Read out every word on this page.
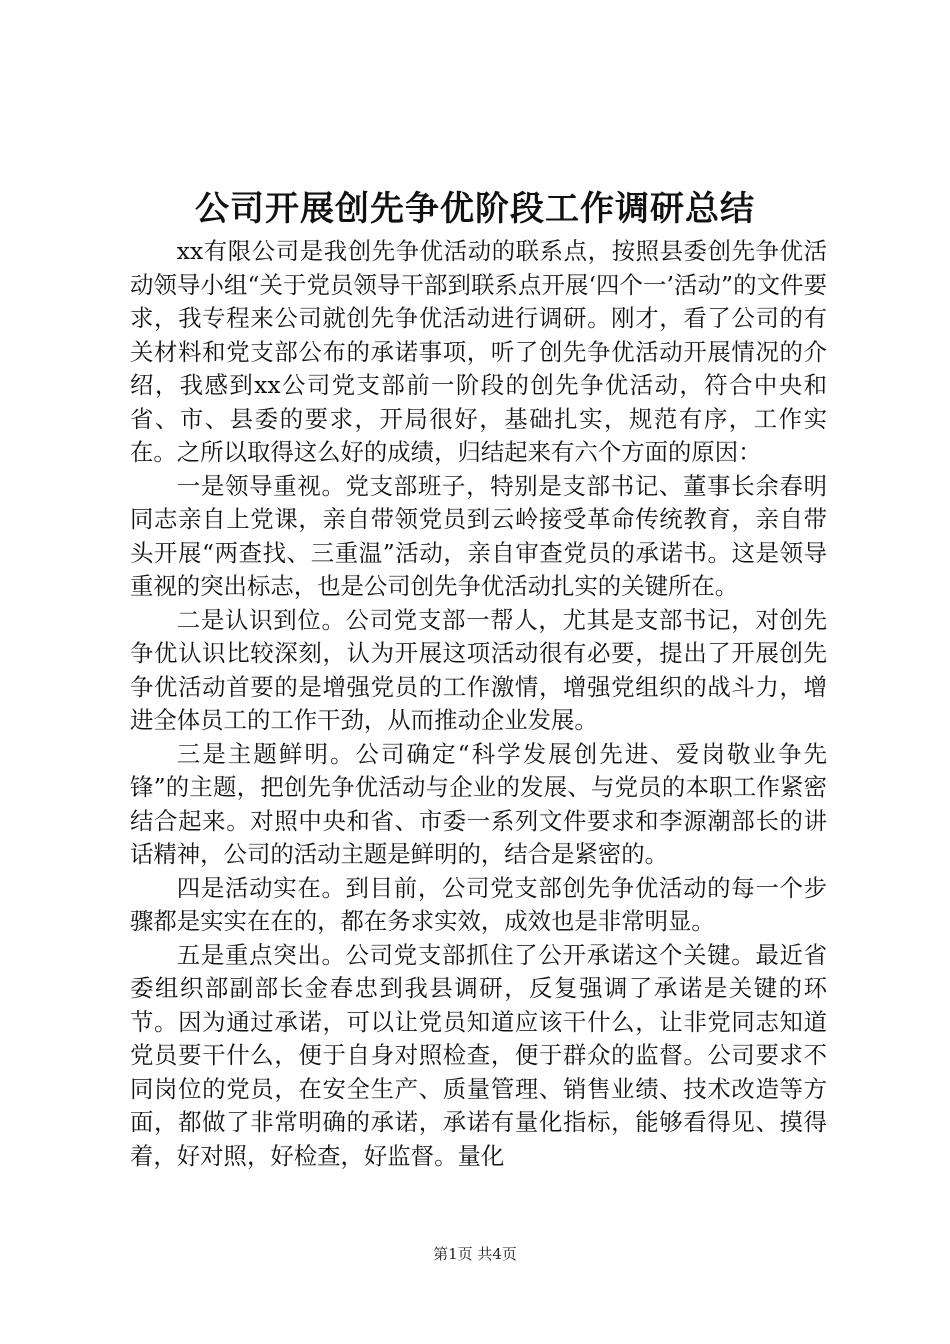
公司开展创先争优阶段工作调研总结

xx有限公司是我创先争优活动的联系点，按照县委创先争优活动领导小组“关于党员领导干部到联系点开展‘四个一’活动”的文件要求，我专程来公司就创先争优活动进行调研。刚才，看了公司的有关材料和党支部公布的承诺事项，听了创先争优活动开展情况的介绍，我感到xx公司党支部前一阶段的创先争优活动，符合中央和省、市、县委的要求，开局很好，基础扎实，规范有序，工作实在。之所以取得这么好的成绩，归结起来有六个方面的原因：

一是领导重视。党支部班子，特别是支部书记、董事长余春明同志亲自上党课，亲自带领党员到云岭接受革命传统教育，亲自带头开展“两查找、三重温”活动，亲自审查党员的承诺书。这是领导重视的突出标志，也是公司创先争优活动扎实的关键所在。

二是认识到位。公司党支部一帮人，尤其是支部书记，对创先争优认识比较深刻，认为开展这项活动很有必要，提出了开展创先争优活动首要的是增强党员的工作激情，增强党组织的战斗力，增进全体员工的工作干劲，从而推动企业发展。

三是主题鲜明。公司确定“科学发展创先进、爱岗敬业争先锋”的主题，把创先争优活动与企业的发展、与党员的本职工作紧密结合起来。对照中央和省、市委一系列文件要求和李源潮部长的讲话精神，公司的活动主题是鲜明的，结合是紧密的。

四是活动实在。到目前，公司党支部创先争优活动的每一个步骤都是实实在在的，都在务求实效，成效也是非常明显。

五是重点突出。公司党支部抓住了公开承诺这个关键。最近省委组织部副部长金春忠到我县调研，反复强调了承诺是关键的环节。因为通过承诺，可以让党员知道应该干什么，让非党同志知道党员要干什么，便于自身对照检查，便于群众的监督。公司要求不同岗位的党员，在安全生产、质量管理、销售业绩、技术改造等方面，都做了非常明确的承诺，承诺有量化指标，能够看得见、摸得着，好对照，好检查，好监督。量化

第1页 共4页
